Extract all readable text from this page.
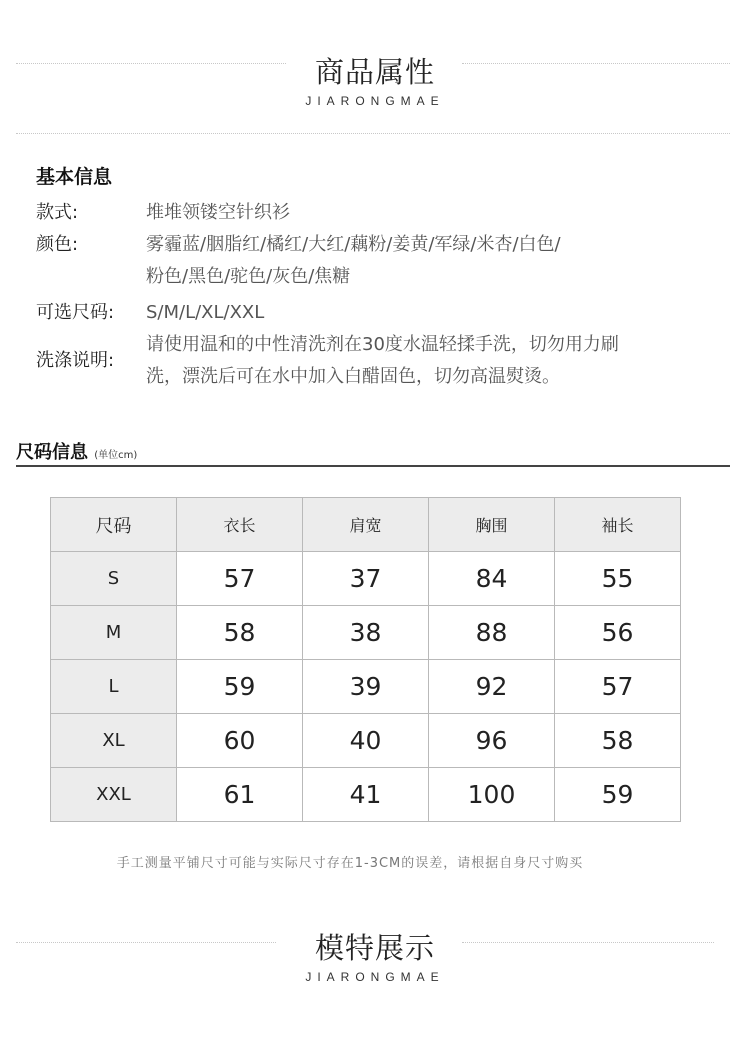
商品属性
JIARONGMAE
基本信息
款式:	堆堆领镂空针织衫
颜色:	雾霾蓝/胭脂红/橘红/大红/藕粉/姜黄/军绿/米杏/白色/
粉色/黑色/驼色/灰色/焦糖
可选尺码:	S/M/L/XL/XXL
洗涤说明:
请使用温和的中性清洗剂在30度水温轻揉手洗，切勿用力刷
洗，漂洗后可在水中加入白醋固色，切勿高温熨烫。
尺码信息 (单位cm)
尺码	衣长	肩宽	胸围	袖长
S	57	37	84	55
M	58	38	88	56
L	59	39	92	57
XL	60	40	96	58
XXL	61	41	100	59
手工测量平铺尺寸可能与实际尺寸存在1-3CM的误差，请根据自身尺寸购买
模特展示
JIARONGMAE
